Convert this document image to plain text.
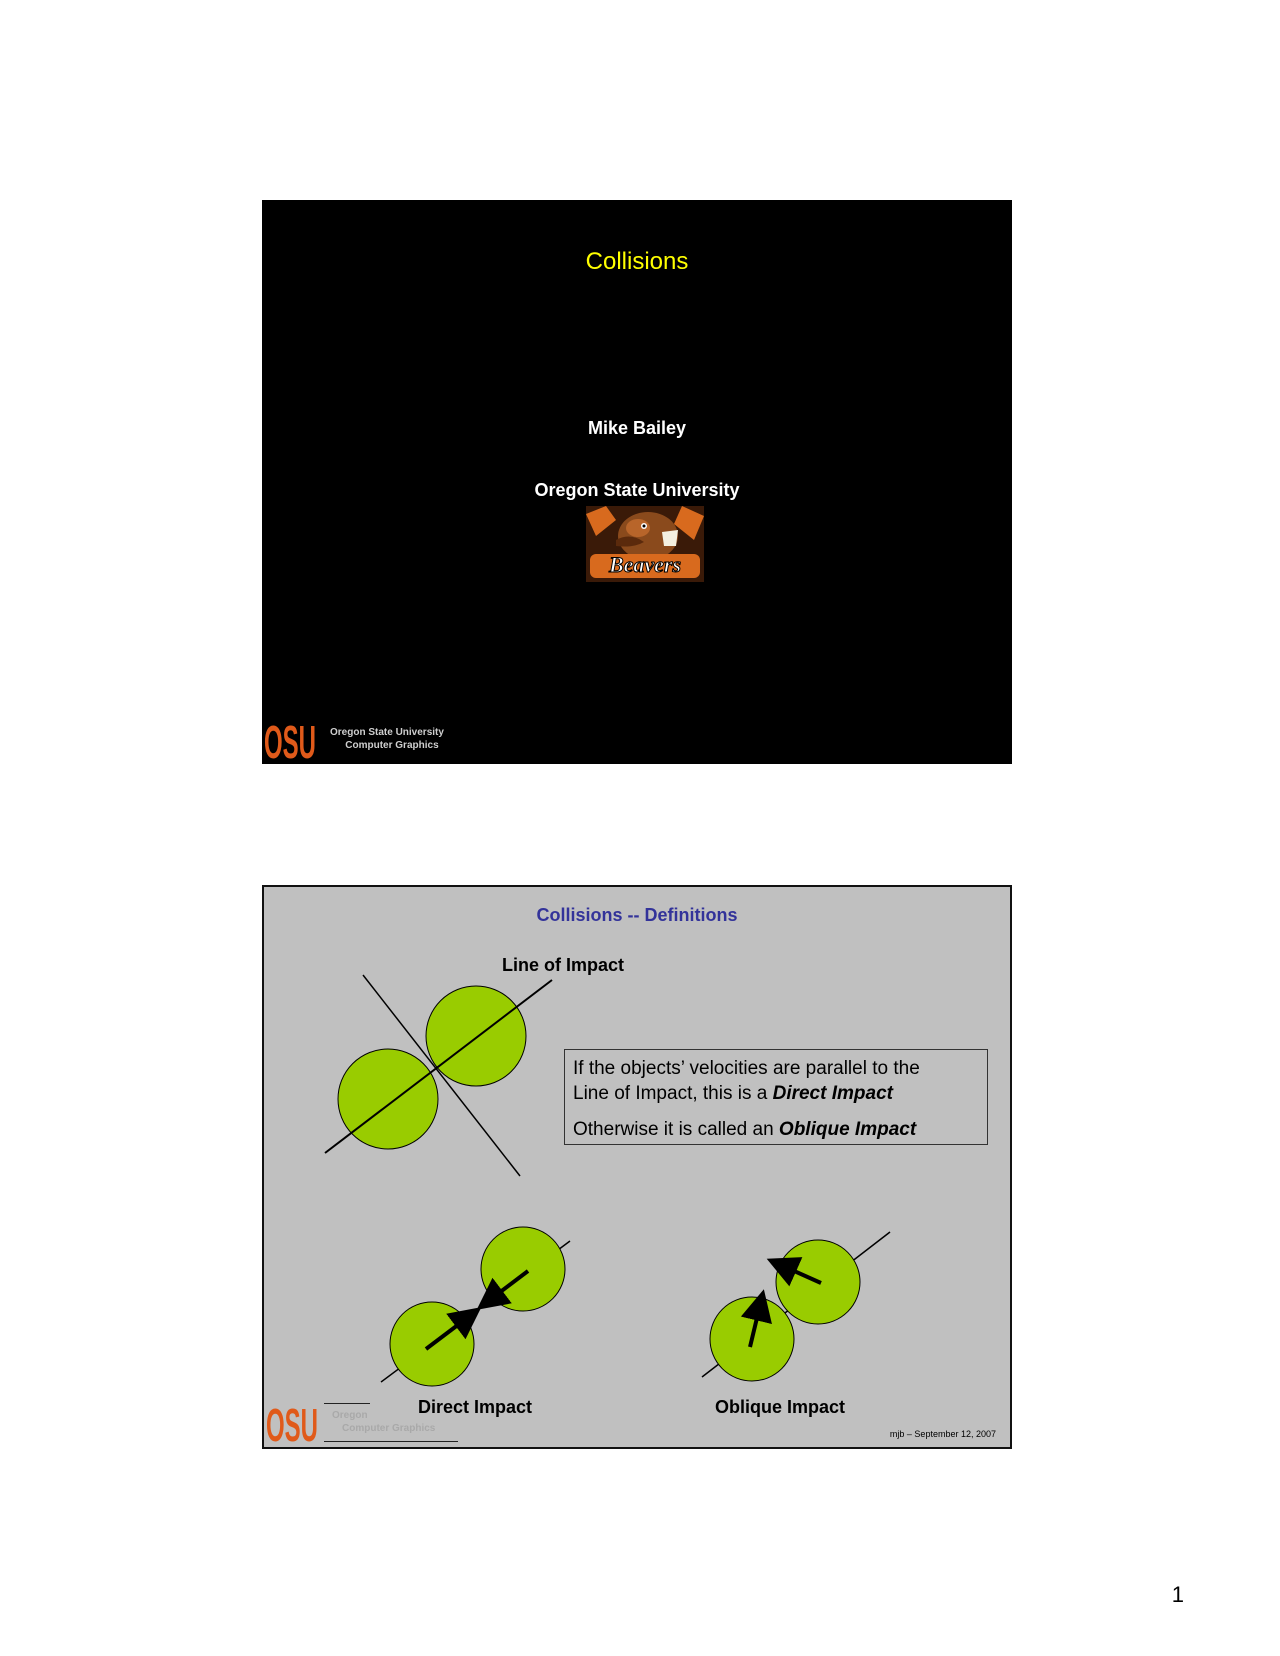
Collisions
Mike Bailey
Oregon State University
Beavers
OSU Oregon State University
Computer Graphics
Collisions -- Definitions
Line of Impact

If the objects’ velocities are parallel to the

Line of Impact, this is a Direct Impact

Otherwise it is called an Oblique Impact

Direct Impact	Oblique Impact
OSU Oregon
Computer Graphics	mjb – September 12, 2007
1
